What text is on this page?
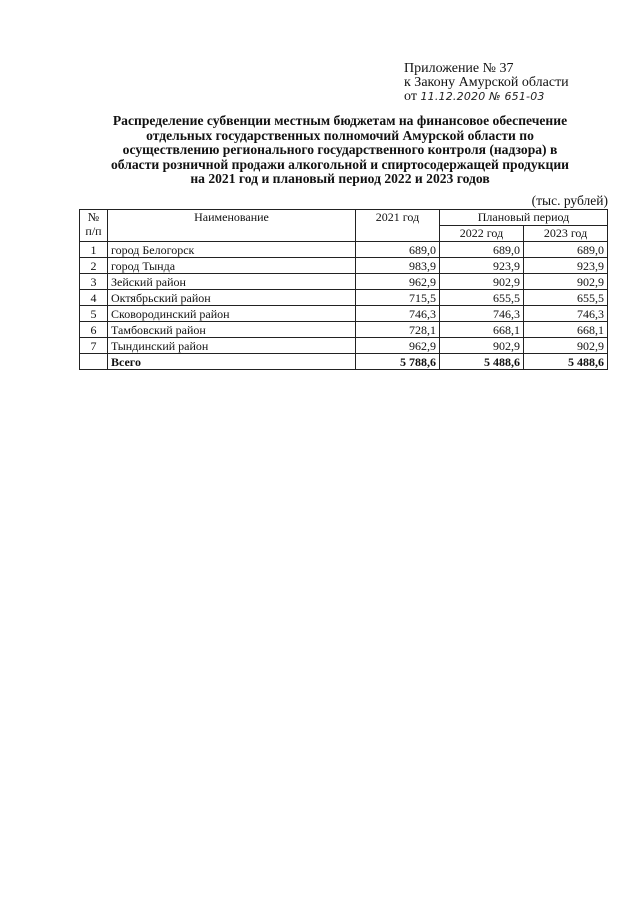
Приложение № 37
к Закону Амурской области
от 11.12.2020 № 651-03
Распределение субвенции местным бюджетам на финансовое обеспечение
отдельных государственных полномочий Амурской области по
осуществлению регионального государственного контроля (надзора) в
области розничной продажи алкогольной и спиртосодержащей продукции
на 2021 год и плановый период 2022 и 2023 годов
(тыс. рублей)
№ п/п	Наименование	2021 год	Плановый период	
			2022 год	2023 год
1	город Белогорск	689,0	689,0	689,0
2	город Тында	983,9	923,9	923,9
3	Зейский район	962,9	902,9	902,9
4	Октябрьский район	715,5	655,5	655,5
5	Сковородинский район	746,3	746,3	746,3
6	Тамбовский район	728,1	668,1	668,1
7	Тындинский район	962,9	902,9	902,9
	Всего	5 788,6	5 488,6	5 488,6
